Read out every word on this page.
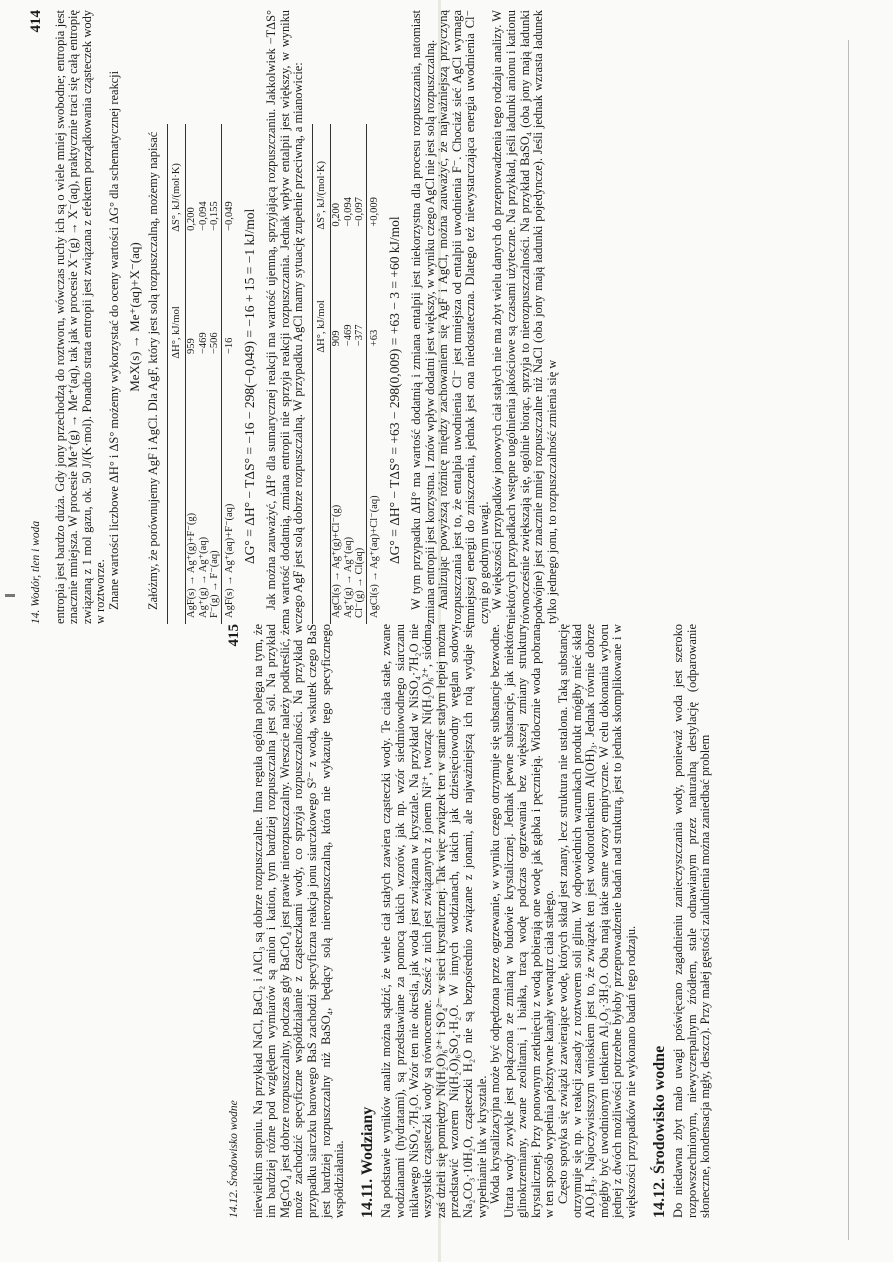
14. Wodór, tlen i woda
414 entropia jest bardzo duża. Gdy jony przechodzą do roztworu, wówczas ruchy ich są o wiele mniej swobodne; entropia jest znacznie mniejsza. W procesie Me⁺(g) → Me⁺(aq), tak jak w procesie X⁻(g) → X⁻(aq), praktycznie traci się całą entropię związaną z 1 mol gazu, ok. 50 J/(K·mol). Ponadto strata entropii jest związana z efektem porządkowania cząsteczek wody w roztworze. Znane wartości liczbowe ΔH° i ΔS° możemy wykorzystać do oceny wartości ΔG° dla schematycznej reakcji MeX(s) → Me⁺(aq)+X⁻(aq) Załóżmy, że porównujemy AgF i AgCl. Dla AgF, który jest solą rozpuszczalną, możemy napisać

	ΔH°, kJ/mol	ΔS°, kJ/(mol·K)
AgF(s) → Ag⁺(g)+F⁻(g)	959	0,200
Ag⁺(g) → Ag⁺(aq)	−469	−0,094
F⁻(g) → F⁻(aq)	−506	−0,155
AgF(s) → Ag⁺(aq)+F⁻(aq)	−16	−0,049 ΔG° = ΔH° − TΔS° = −16 − 298(−0,049) = −16 + 15 = −1 kJ/mol Jak można zauważyć, ΔH° dla sumarycznej reakcji ma wartość ujemną, sprzyjającą rozpuszczaniu. Jakkolwiek −TΔS° ma wartość dodatnią, zmiana entropii nie sprzyja reakcji rozpuszczania. Jednak wpływ entalpii jest większy, w wyniku czego AgF jest solą dobrze rozpuszczalną. W przypadku AgCl mamy sytuację zupełnie przeciwną, a mianowicie:

	ΔH°, kJ/mol	ΔS°, kJ/(mol·K)
AgCl(s) → Ag⁺(g)+Cl⁻(g)	909	0,200
Ag⁺(g) → Ag⁺(aq)	−469	−0,094
Cl⁻(g) → Cl(aq)	−377	−0,097
AgCl(s) → Ag⁺(aq)+Cl⁻(aq)	+63	+0,009
ΔG° = ΔH° − TΔS° = +63 − 298(0,009) = +63 − 3 = +60 kJ/mol W tym przypadku ΔH° ma wartość dodatnią i zmiana entalpii jest niekorzystna dla procesu rozpuszczania, natomiast zmiana entropii jest korzystna. I znów wpływ dodatni jest większy, w wyniku czego AgCl nie jest solą rozpuszczalną. Analizując powyższą różnicę między zachowaniem się AgF i AgCl, można zauważyć, że najważniejszą przyczyną rozpuszczania jest to, że entalpia uwodnienia Cl⁻ jest mniejsza od entalpii uwodnienia F⁻. Chociaż sieć AgCl wymaga mniejszej energii do zniszczenia, jednak jest ona niedostateczna. Dlatego też niewystarczająca energia uwodnienia Cl⁻ czyni go godnym uwagi. W większości przypadków jonowych ciał stałych nie ma zbyt wielu danych do przeprowadzenia tego rodzaju analizy. W niektórych przypadkach wstępne uogólnienia jakościowe są czasami użyteczne. Na przykład, jeśli ładunki anionu i kationu równocześnie zwiększają się, ogólnie biorąc, sprzyja to nierozpuszczalności. Na przykład BaSO₄ (oba jony mają ładunki podwójne) jest znacznie mniej rozpuszczalne niż NaCl (oba jony mają ładunki pojedyncze). Jeśli jednak wzrasta ładunek tylko jednego jonu, to rozpuszczalność zmienia się w

14.12. Środowisko wodne
415 niewielkim stopniu. Na przykład NaCl, BaCl₂ i AlCl₃ są dobrze rozpuszczalne. Inna reguła ogólna polega na tym, że im bardziej różne pod względem wymiarów są anion i kation, tym bardziej rozpuszczalna jest sól. Na przykład MgCrO₄ jest dobrze rozpuszczalny, podczas gdy BaCrO₄ jest prawie nierozpuszczalny. Wreszcie należy podkreślić, że może zachodzić specyficzne współdziałanie z cząsteczkami wody, co sprzyja rozpuszczalności. Na przykład w przypadku siarczku barowego BaS zachodzi specyficzna reakcja jonu siarczkowego S²⁻ z wodą, wskutek czego BaS jest bardziej rozpuszczalny niż BaSO₄, będący solą nierozpuszczalną, która nie wykazuje tego specyficznego współdziałania. 14.11. Wodziany Na podstawie wyników analiz można sądzić, że wiele ciał stałych zawiera cząsteczki wody. Te ciała stałe, zwane wodzianami (hydratami), są przedstawiane za pomocą takich wzorów, jak np. wzór siedmiowodnego siarczanu niklawego NiSO₄·7H₂O. Wzór ten nie określa, jak woda jest związana w krysztale. Na przykład w NiSO₄·7H₂O nie wszystkie cząsteczki wody są równocenne. Sześć z nich jest związanych z jonem Ni²⁺, tworząc Ni(H₂O)₆²⁺, siódma zaś dzieli się pomiędzy Ni(H₂O)₆²⁺ i SO₄²⁻ w sieci krystalicznej. Tak więc związek ten w stanie stałym lepiej można przedstawić wzorem Ni(H₂O)₆SO₄·H₂O. W innych wodzianach, takich jak dziesięciowodny węglan sodowy Na₂CO₃·10H₂O, cząsteczki H₂O nie są bezpośrednio związane z jonami, ale najważniejszą ich rolą wydaje się wypełnianie luk w krysztale. Woda krystalizacyjna może być odpędzona przez ogrzewanie, w wyniku czego otrzymuje się substancje bezwodne. Utrata wody zwykle jest połączona ze zmianą w budowie krystalicznej. Jednak pewne substancje, jak niektóre glinokrzemiany, zwane zeolitami, i białka, tracą wodę podczas ogrzewania bez większej zmiany struktury krystalicznej. Przy ponownym zetknięciu z wodą pobierają one wodę jak gąbka i pęcznieją. Widocznie woda pobrana w ten sposób wypełnia półsztywne kanały wewnątrz ciała stałego. Często spotyka się związki zawierające wodę, których skład jest znany, lecz struktura nie ustalona. Taką substancję otrzymuje się np. w reakcji zasady z roztworem soli glinu. W odpowiednich warunkach produkt mógłby mieć skład AlO₃H₃. Najoczywistszym wnioskiem jest to, że związek ten jest wodorotlenkiem Al(OH)₃. Jednak równie dobrze mógłby być uwodnionym tlenkiem Al₂O₃·3H₂O. Oba mają takie same wzory empiryczne. W celu dokonania wyboru jednej z dwóch możliwości potrzebne byłoby przeprowadzenie badań nad strukturą, jest to jednak skomplikowane i w większości przypadków nie wykonano badań tego rodzaju. 14.12. Środowisko wodne Do niedawna zbyt mało uwagi poświęcano zagadnieniu zanieczyszczania wody, ponieważ woda jest szeroko rozpowszechnionym, niewyczerpalnym źródłem, stale odnawianym przez naturalną destylację (odparowanie słoneczne, kondensacja mgły, deszcz). Przy małej gęstości zaludnienia można zaniedbać problem
